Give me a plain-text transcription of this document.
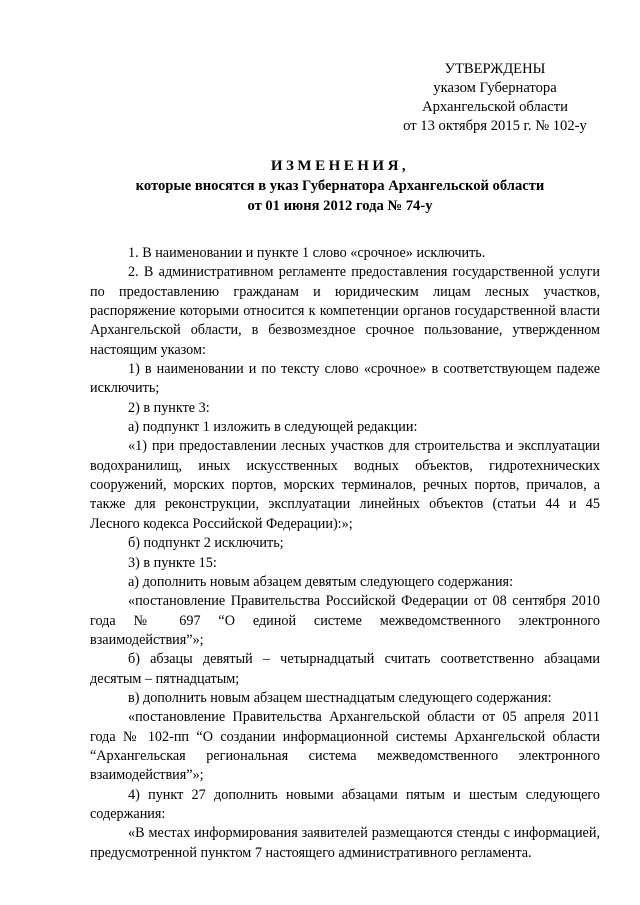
УТВЕРЖДЕНЫ
указом Губернатора
Архангельской области
от 13 октября 2015 г. № 102-у
ИЗМЕНЕНИЯ,
которые вносятся в указ Губернатора Архангельской области
от 01 июня 2012 года № 74-у

1. В наименовании и пункте 1 слово «срочное» исключить.

2. В административном регламенте предоставления государственной услуги по предоставлению гражданам и юридическим лицам лесных участков, распоряжение которыми относится к компетенции органов государственной власти Архангельской области, в безвозмездное срочное пользование, утвержденном настоящим указом:

1) в наименовании и по тексту слово «срочное» в соответствующем падеже исключить;

2) в пункте 3:

а) подпункт 1 изложить в следующей редакции:

«1) при предоставлении лесных участков для строительства и эксплуатации водохранилищ, иных искусственных водных объектов, гидротехнических сооружений, морских портов, морских терминалов, речных портов, причалов, а также для реконструкции, эксплуатации линейных объектов (статьи 44 и 45 Лесного кодекса Российской Федерации):»;

б) подпункт 2 исключить;

3) в пункте 15:

а) дополнить новым абзацем девятым следующего содержания:

«постановление Правительства Российской Федерации от 08 сентября 2010 года № 697 “О единой системе межведомственного электронного взаимодействия”»;

б) абзацы девятый – четырнадцатый считать соответственно абзацами десятым – пятнадцатым;

в) дополнить новым абзацем шестнадцатым следующего содержания:

«постановление Правительства Архангельской области от 05 апреля 2011 года № 102-пп “О создании информационной системы Архангельской области “Архангельская региональная система межведомственного электронного взаимодействия”»;

4) пункт 27 дополнить новыми абзацами пятым и шестым следующего содержания:

«В местах информирования заявителей размещаются стенды с информацией, предусмотренной пунктом 7 настоящего административного регламента.
